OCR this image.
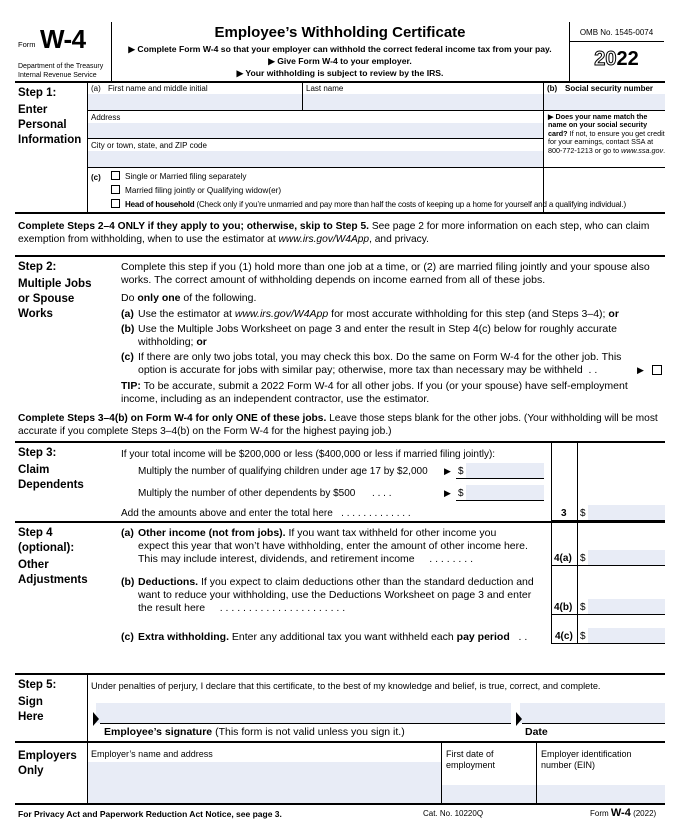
Form W-4
Department of the Treasury
Internal Revenue Service
Employee’s Withholding Certificate
▶ Complete Form W-4 so that your employer can withhold the correct federal income tax from your pay.
▶ Give Form W-4 to your employer.
▶ Your withholding is subject to review by the IRS.
OMB No. 1545-0074
2022
Step 1:
Enter
Personal
Information
(a) First name and middle initial	Last name	(b) Social security number
Address
City or town, state, and ZIP code
▶ Does your name match the name on your social security card? If not, to ensure you get credit for your earnings, contact SSA at 800-772-1213 or go to www.ssa.gov.
(c)	Single or Married filing separately
Married filing jointly or Qualifying widow(er)
Head of household (Check only if you’re unmarried and pay more than half the costs of keeping up a home for yourself and a qualifying individual.)
Complete Steps 2–4 ONLY if they apply to you; otherwise, skip to Step 5. See page 2 for more information on each step, who can claim exemption from withholding, when to use the estimator at www.irs.gov/W4App, and privacy.
Step 2:
Multiple Jobs
or Spouse
Works
Complete this step if you (1) hold more than one job at a time, or (2) are married filing jointly and your spouse also works. The correct amount of withholding depends on income earned from all of these jobs.
Do only one of the following.
(a) Use the estimator at www.irs.gov/W4App for most accurate withholding for this step (and Steps 3–4); or
(b) Use the Multiple Jobs Worksheet on page 3 and enter the result in Step 4(c) below for roughly accurate withholding; or
(c) If there are only two jobs total, you may check this box. Do the same on Form W-4 for the other job. This
option is accurate for jobs with similar pay; otherwise, more tax than necessary may be withheld . .	▶
TIP: To be accurate, submit a 2022 Form W-4 for all other jobs. If you (or your spouse) have self-employment income, including as an independent contractor, use the estimator.
Complete Steps 3–4(b) on Form W-4 for only ONE of these jobs. Leave those steps blank for the other jobs. (Your withholding will be most accurate if you complete Steps 3–4(b) on the Form W-4 for the highest paying job.)
Step 3:
Claim
Dependents
If your total income will be $200,000 or less ($400,000 or less if married filing jointly):
Multiply the number of qualifying children under age 17 by $2,000 ▶ $
Multiply the number of other dependents by $500 . . . .	▶ $
Add the amounts above and enter the total here . . . . . . . . . . . . .	3 $
Step 4
(optional):
Other
Adjustments
(a) Other income (not from jobs). If you want tax withheld for other income you
expect this year that won’t have withholding, enter the amount of other income here.
This may include interest, dividends, and retirement income . . . . . . . .	4(a) $
(b) Deductions. If you expect to claim deductions other than the standard deduction and
want to reduce your withholding, use the Deductions Worksheet on page 3 and enter
the result here . . . . . . . . . . . . . . . . . . . . . .	4(b) $
(c) Extra withholding. Enter any additional tax you want withheld each pay period . .	4(c) $
Step 5:
Sign
Here
Under penalties of perjury, I declare that this certificate, to the best of my knowledge and belief, is true, correct, and complete.
Employee’s signature (This form is not valid unless you sign it.)	Date
Employers
Only
Employer’s name and address	First date of
employment
Employer identification
number (EIN)
For Privacy Act and Paperwork Reduction Act Notice, see page 3.	Cat. No. 10220Q	Form W-4 (2022)
